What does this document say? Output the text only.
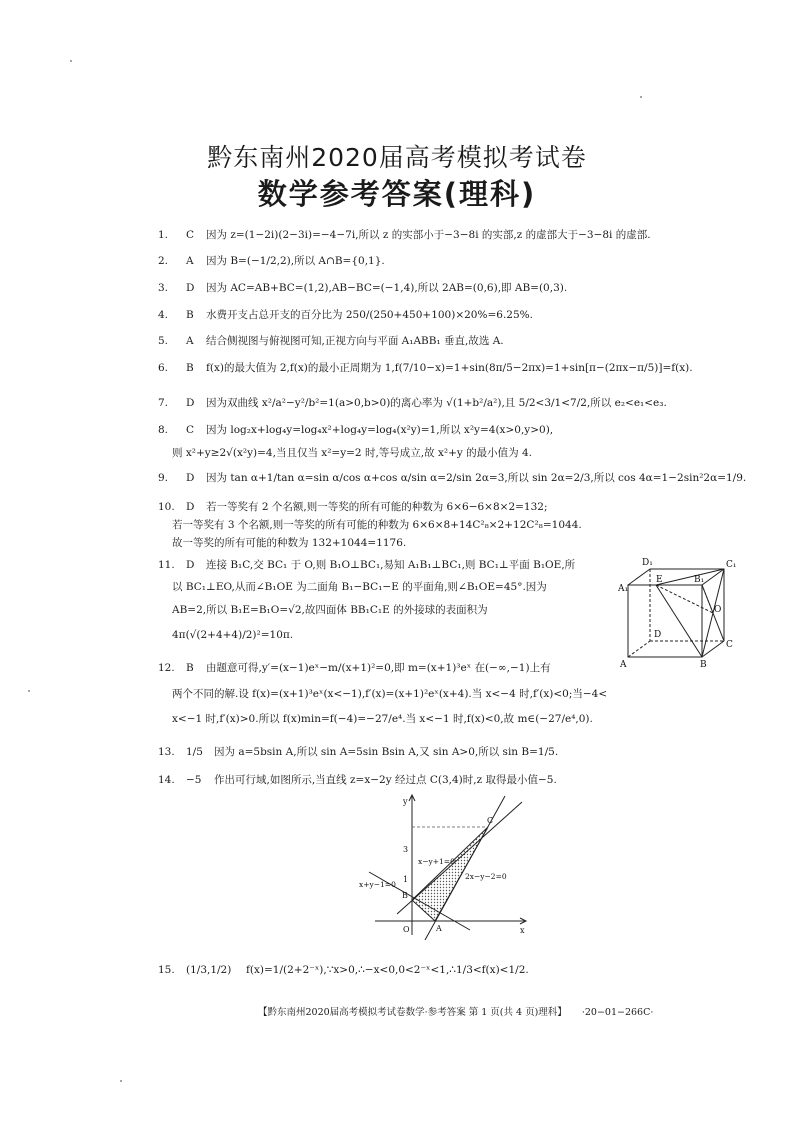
黔东南州2020届高考模拟考试卷
数学参考答案(理科)
1. C 因为 z=(1−2i)(2−3i)=−4−7i,所以 z 的实部小于−3−8i 的实部,z 的虚部大于−3−8i 的虚部.
2. A 因为 B=(−1/2,2),所以 A∩B={0,1}.
3. D 因为 AC=AB+BC=(1,2),AB−BC=(−1,4),所以 2AB=(0,6),即 AB=(0,3).
4. B 水费开支占总开支的百分比为 250/(250+450+100)×20%=6.25%.
5. A 结合侧视图与俯视图可知,正视方向与平面 A₁ABB₁ 垂直,故选 A.
6. B f(x)的最大值为 2,f(x)的最小正周期为 1,f(7/10−x)=1+sin(8π/5−2πx)=1+sin[π−(2πx−π/5)]=f(x).
7. D 因为双曲线 x²/a²−y²/b²=1(a>0,b>0)的离心率为 √(1+b²/a²),且 5/2<3/1<7/2,所以 e₂<e₁<e₃.
8. C 因为 log₂x+log₄y=log₄x²+log₄y=log₄(x²y)=1,所以 x²y=4(x>0,y>0),
则 x²+y≥2√(x²y)=4,当且仅当 x²=y=2 时,等号成立,故 x²+y 的最小值为 4.
9. D 因为 tan α+1/tan α=sin α/cos α+cos α/sin α=2/sin 2α=3,所以 sin 2α=2/3,所以 cos 4α=1−2sin²2α=1/9.
10. D 若一等奖有 2 个名额,则一等奖的所有可能的种数为 6×6−6×8×2=132;
若一等奖有 3 个名额,则一等奖的所有可能的种数为 6×6×8+14C²₈×2+12C²₈=1044.
故一等奖的所有可能的种数为 132+1044=1176.
11. D 连接 B₁C,交 BC₁ 于 O,则 B₁O⊥BC₁,易知 A₁B₁⊥BC₁,则 BC₁⊥平面 B₁OE,所
以 BC₁⊥EO,从而∠B₁OE 为二面角 B₁−BC₁−E 的平面角,则∠B₁OE=45°.因为
AB=2,所以 B₁E=B₁O=√2,故四面体 BB₁C₁E 的外接球的表面积为
4π(√(2+4+4)/2)²=10π.
12. B 由题意可得,y′=(x−1)eˣ−m/(x+1)²=0,即 m=(x+1)³eˣ 在(−∞,−1)上有
两个不同的解.设 f(x)=(x+1)³eˣ(x<−1),f′(x)=(x+1)²eˣ(x+4).当 x<−4 时,f′(x)<0;当−4<
x<−1 时,f′(x)>0.所以 f(x)min=f(−4)=−27/e⁴.当 x<−1 时,f(x)<0,故 m∈(−27/e⁴,0).
13. 1/5 因为 a=5bsin A,所以 sin A=5sin Bsin A,又 sin A>0,所以 sin B=1/5.
14. −5 作出可行域,如图所示,当直线 z=x−2y 经过点 C(3,4)时,z 取得最小值−5.
15. (1/3,1/2) f(x)=1/(2+2⁻ˣ),∵x>0,∴−x<0,0<2⁻ˣ<1,∴1/3<f(x)<1/2.
D₁	C₁
A₁
E	B₁
O
D
C
A	B
y
x
O
3
1
C
B
A
x−y+1=0
2x−y−2=0
x+y−1=0
【黔东南州2020届高考模拟考试卷数学·参考答案 第 1 页(共 4 页)理科】 ·20−01−266C·
